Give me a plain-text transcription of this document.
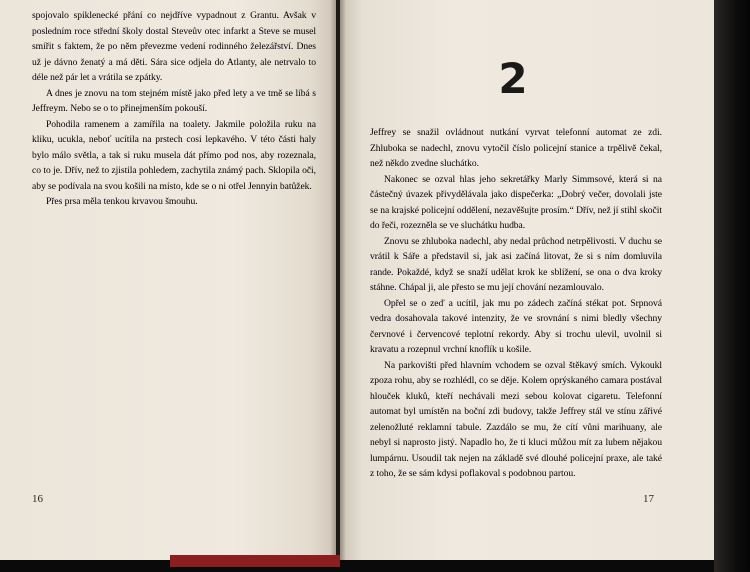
spojovalo spiklenecké přání co nejdříve vypadnout z Grantu. Avšak v posledním roce střední školy dostal Steveův otec infarkt a Steve se musel smířit s faktem, že po něm převezme vedení rodinného železářství. Dnes už je dávno ženatý a má děti. Sára sice odjela do Atlanty, ale netrvalo to déle než pár let a vrátila se zpátky.

A dnes je znovu na tom stejném místě jako před lety a ve tmě se líbá s Jeffreym. Nebo se o to přinejmenším pokouší.

Pohodila ramenem a zamířila na toalety. Jakmile položila ruku na kliku, ucukla, neboť ucítila na prstech cosi lepkavého. V této části haly bylo málo světla, a tak si ruku musela dát přímo pod nos, aby rozeznala, co to je. Dřív, než to zjistila pohledem, zachytila známý pach. Sklopila oči, aby se podívala na svou košili na místo, kde se o ni otřel Jennyin batůžek.

Přes prsa měla tenkou krvavou šmouhu.

16
2

Jeffrey se snažil ovládnout nutkání vyrvat telefonní automat ze zdi. Zhluboka se nadechl, znovu vytočil číslo policejní stanice a trpělivě čekal, než někdo zvedne sluchátko.

Nakonec se ozval hlas jeho sekretářky Marly Simmsové, která si na částečný úvazek přivydělávala jako dispečerka: „Dobrý večer, dovolali jste se na krajské policejní oddělení, nezavěšujte prosím.“ Dřív, než jí stihl skočit do řeči, rozezněla se ve sluchátku hudba.

Znovu se zhluboka nadechl, aby nedal průchod netrpělivosti. V duchu se vrátil k Sáře a představil si, jak asi začíná litovat, že si s ním domluvila rande. Pokaždé, když se snaží udělat krok ke sblížení, se ona o dva kroky stáhne. Chápal ji, ale přesto se mu její chování nezamlouvalo.

Opřel se o zeď a ucítil, jak mu po zádech začíná stékat pot. Srpnová vedra dosahovala takové intenzity, že ve srovnání s nimi bledly všechny červnové i červencové teplotní rekordy. Aby si trochu ulevil, uvolnil si kravatu a rozepnul vrchní knoflík u košile.

Na parkovišti před hlavním vchodem se ozval štěkavý smích. Vykoukl zpoza rohu, aby se rozhlédl, co se děje. Kolem oprýskaného camara postával hlouček kluků, kteří nechávali mezi sebou kolovat cigaretu. Telefonní automat byl umístěn na boční zdi budovy, takže Jeffrey stál ve stínu zářivé zelenožluté reklamní tabule. Zazdálo se mu, že cítí vůni marihuany, ale nebyl si naprosto jistý. Napadlo ho, že ti kluci můžou mít za lubem nějakou lumpárnu. Usoudil tak nejen na základě své dlouhé policejní praxe, ale také z toho, že se sám kdysi poflakoval s podobnou partou.

17
